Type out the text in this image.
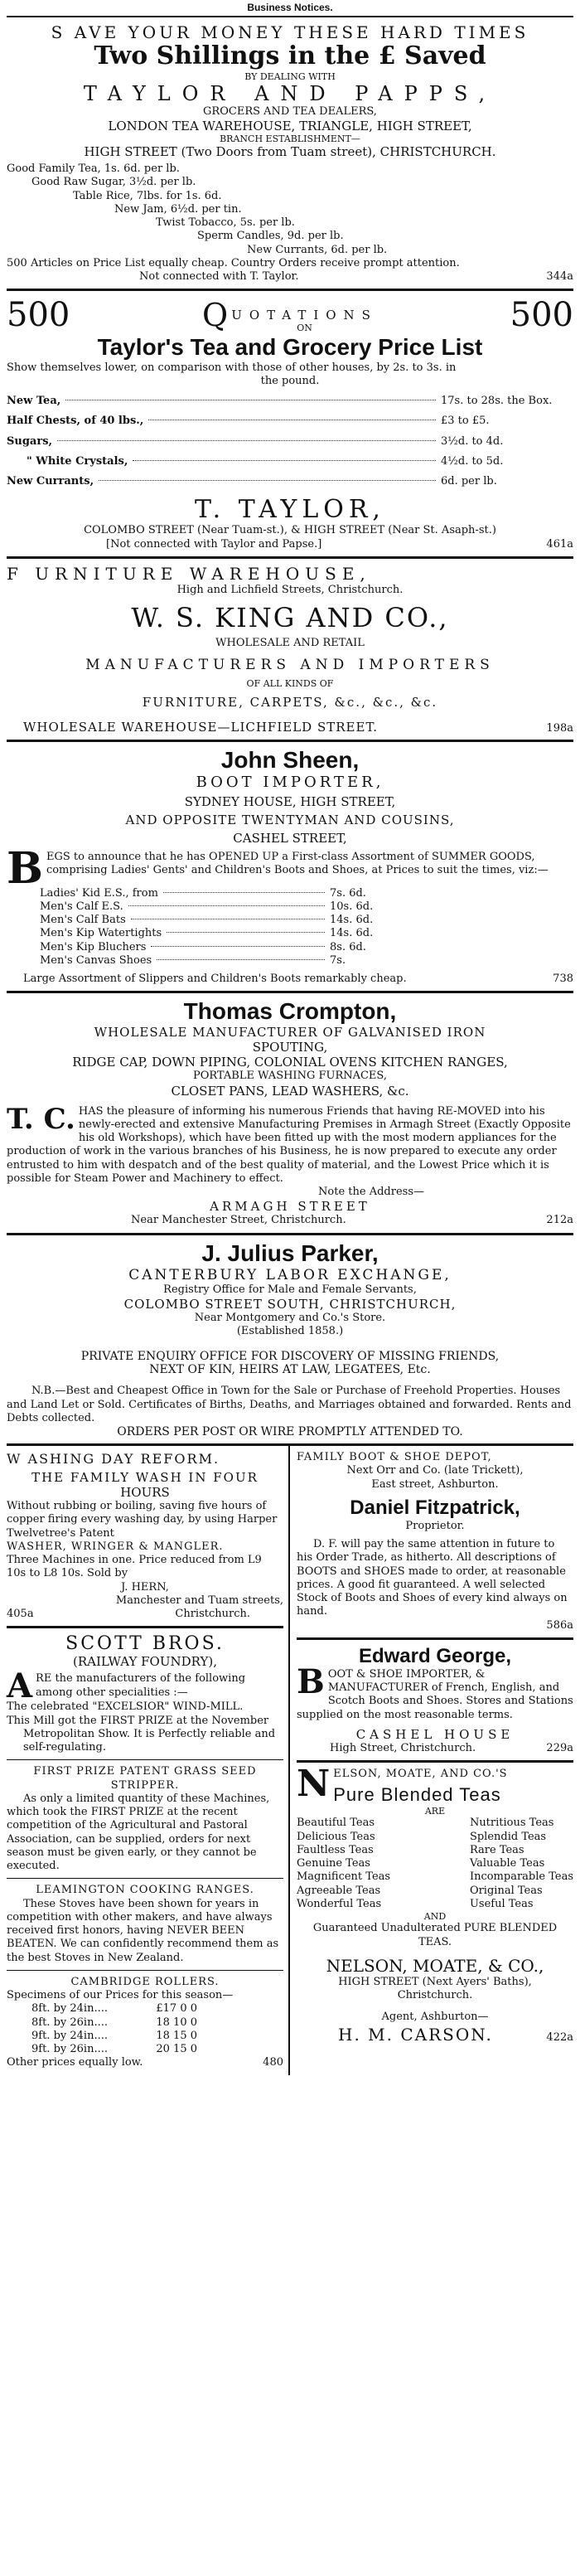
Business Notices.
S AVE YOUR MONEY THESE HARD TIMES
Two Shillings in the £ Saved
BY DEALING WITH
TAYLOR AND PAPPS,
GROCERS AND TEA DEALERS,
LONDON TEA WAREHOUSE, TRIANGLE, HIGH STREET,
BRANCH ESTABLISHMENT—
HIGH STREET (Two Doors from Tuam street), CHRISTCHURCH.
Good Family Tea, 1s. 6d. per lb.
Good Raw Sugar, 3½d. per lb.
Table Rice, 7lbs. for 1s. 6d.
New Jam, 6½d. per tin.
Twist Tobacco, 5s. per lb.
Sperm Candles, 9d. per lb.
New Currants, 6d. per lb.
500 Articles on Price List equally cheap. Country Orders receive prompt attention.
Not connected with T. Taylor.	344a
500	Q UOTATIONS
ON	500
Taylor's Tea and Grocery Price List
Show themselves lower, on comparison with those of other houses, by 2s. to 3s. in
the pound.
New Tea,	17s. to 28s. the Box.
Half Chests, of 40 lbs.,	£3 to £5.
Sugars,	3½d. to 4d.
" White Crystals,	4½d. to 5d.
New Currants,	6d. per lb.
T. TAYLOR,
COLOMBO STREET (Near Tuam-st.), & HIGH STREET (Near St. Asaph-st.)
[Not connected with Taylor and Papse.]	461a
F URNITURE WAREHOUSE,
High and Lichfield Streets, Christchurch.
W. S. KING AND CO.,
WHOLESALE AND RETAIL
MANUFACTURERS AND IMPORTERS
OF ALL KINDS OF
FURNITURE, CARPETS, &c., &c., &c.
WHOLESALE WAREHOUSE—LICHFIELD STREET.	198a
John Sheen,
BOOT IMPORTER,
SYDNEY HOUSE, HIGH STREET,
AND OPPOSITE TWENTYMAN AND COUSINS,
CASHEL STREET,
BEGS to announce that he has OPENED UP a First-class Assortment of SUMMER GOODS, comprising Ladies' Gents' and Children's Boots and Shoes, at Prices to suit the times, viz:—
Ladies' Kid E.S., from	7s. 6d.
Men's Calf E.S.	10s. 6d.
Men's Calf Bats	14s. 6d.
Men's Kip Watertights	14s. 6d.
Men's Kip Bluchers	8s. 6d.
Men's Canvas Shoes	7s.
Large Assortment of Slippers and Children's Boots remarkably cheap.	738
Thomas Crompton,
WHOLESALE MANUFACTURER OF GALVANISED IRON
SPOUTING,
RIDGE CAP, DOWN PIPING, COLONIAL OVENS KITCHEN RANGES,
PORTABLE WASHING FURNACES,
CLOSET PANS, LEAD WASHERS, &c.
T. C. HAS the pleasure of informing his numerous Friends that having RE-MOVED into his newly-erected and extensive Manufacturing Premises in Armagh Street (Exactly Opposite his old Workshops), which have been fitted up with the most modern appliances for the production of work in the various branches of his Business, he is now prepared to execute any order entrusted to him with despatch and of the best quality of material, and the Lowest Price which it is possible for Steam Power and Machinery to effect.
Note the Address—
ARMAGH STREET
Near Manchester Street, Christchurch.	212a
J. Julius Parker,
CANTERBURY LABOR EXCHANGE,
Registry Office for Male and Female Servants,
COLOMBO STREET SOUTH, CHRISTCHURCH,
Near Montgomery and Co.'s Store.
(Established 1858.)
PRIVATE ENQUIRY OFFICE FOR DISCOVERY OF MISSING FRIENDS,
NEXT OF KIN, HEIRS AT LAW, LEGATEES, Etc.
N.B.—Best and Cheapest Office in Town for the Sale or Purchase of Freehold Properties. Houses and Land Let or Sold. Certificates of Births, Deaths, and Marriages obtained and forwarded. Rents and Debts collected.
ORDERS PER POST OR WIRE PROMPTLY ATTENDED TO.
W ASHING DAY REFORM.
THE FAMILY WASH IN FOUR
HOURS
Without rubbing or boiling, saving five hours of copper firing every washing day, by using Harper Twelvetree's Patent
WASHER, WRINGER & MANGLER.
Three Machines in one. Price reduced from L9 10s to L8 10s. Sold by
J. HERN,
Manchester and Tuam streets,
405a	Christchurch.
SCOTT BROS.
(RAILWAY FOUNDRY),
ARE the manufacturers of the following among other specialities :—
The celebrated "EXCELSIOR" WIND-MILL.
This Mill got the FIRST PRIZE at the November Metropolitan Show. It is Perfectly reliable and self-regulating.
FIRST PRIZE PATENT GRASS SEED STRIPPER.
As only a limited quantity of these Machines, which took the FIRST PRIZE at the recent competition of the Agricultural and Pastoral Association, can be supplied, orders for next season must be given early, or they cannot be executed.
LEAMINGTON COOKING RANGES.
These Stoves have been shown for years in competition with other makers, and have always received first honors, having NEVER BEEN BEATEN. We can confidently recommend them as the best Stoves in New Zealand.
CAMBRIDGE ROLLERS.
Specimens of our Prices for this season—
8ft. by 24in....	£17 0 0
8ft. by 26in....	18 10 0
9ft. by 24in....	18 15 0
9ft. by 26in....	20 15 0
Other prices equally low.	480
FAMILY BOOT & SHOE DEPOT,
Next Orr and Co. (late Trickett),
East street, Ashburton.
Daniel Fitzpatrick,
Proprietor.
D. F. will pay the same attention in future to his Order Trade, as hitherto. All descriptions of BOOTS and SHOES made to order, at reasonable prices. A good fit guaranteed. A well selected Stock of Boots and Shoes of every kind always on hand.
586a
Edward George,
BOOT & SHOE IMPORTER, & MANUFACTURER of French, English, and Scotch Boots and Shoes. Stores and Stations supplied on the most reasonable terms.
CASHEL HOUSE
High Street, Christchurch.	229a
NELSON, MOATE, AND CO.'S
Pure Blended Teas
ARE
Beautiful Teas
Delicious Teas
Faultless Teas
Genuine Teas
Magnificent Teas
Agreeable Teas
Wonderful Teas
Nutritious Teas
Splendid Teas
Rare Teas
Valuable Teas
Incomparable Teas
Original Teas
Useful Teas
AND
Guaranteed Unadulterated PURE BLENDED TEAS.
NELSON, MOATE, & CO.,
HIGH STREET (Next Ayers' Baths),
Christchurch.
Agent, Ashburton—
H. M. CARSON.	422a
